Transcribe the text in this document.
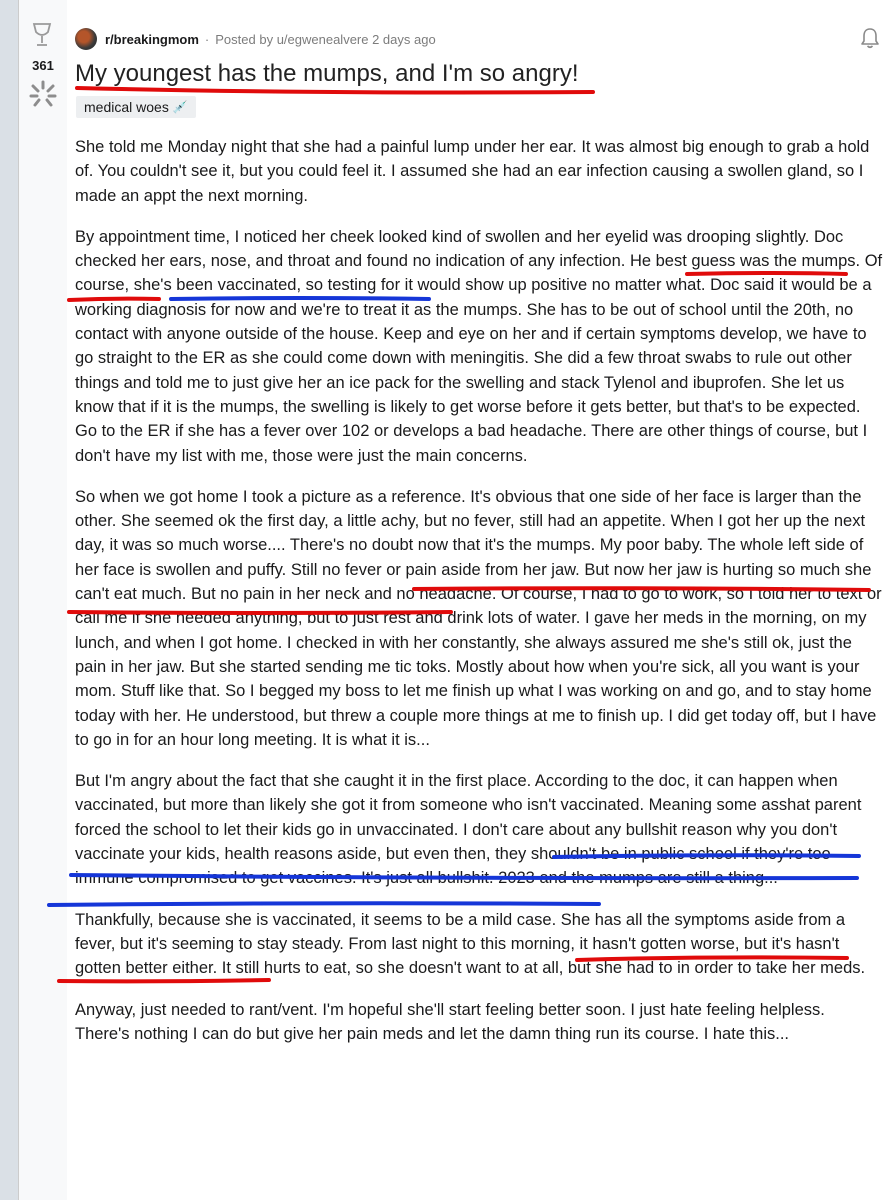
361
r/breakingmom · Posted by u/egwenealvere 2 days ago
My youngest has the mumps, and I'm so angry!
medical woes 💉

She told me Monday night that she had a painful lump under her ear. It was almost big enough to grab a hold of. You couldn't see it, but you could feel it. I assumed she had an ear infection causing a swollen gland, so I made an appt the next morning.

By appointment time, I noticed her cheek looked kind of swollen and her eyelid was drooping slightly. Doc checked her ears, nose, and throat and found no indication of any infection. He best guess was the mumps. Of course, she's been vaccinated, so testing for it would show up positive no matter what. Doc said it would be a working diagnosis for now and we're to treat it as the mumps. She has to be out of school until the 20th, no contact with anyone outside of the house. Keep and eye on her and if certain symptoms develop, we have to go straight to the ER as she could come down with meningitis. She did a few throat swabs to rule out other things and told me to just give her an ice pack for the swelling and stack Tylenol and ibuprofen. She let us know that if it is the mumps, the swelling is likely to get worse before it gets better, but that's to be expected. Go to the ER if she has a fever over 102 or develops a bad headache. There are other things of course, but I don't have my list with me, those were just the main concerns.

So when we got home I took a picture as a reference. It's obvious that one side of her face is larger than the other. She seemed ok the first day, a little achy, but no fever, still had an appetite. When I got her up the next day, it was so much worse.... There's no doubt now that it's the mumps. My poor baby. The whole left side of her face is swollen and puffy. Still no fever or pain aside from her jaw. But now her jaw is hurting so much she can't eat much. But no pain in her neck and no headache. Of course, I had to go to work, so I told her to text or call me if she needed anything, but to just rest and drink lots of water. I gave her meds in the morning, on my lunch, and when I got home. I checked in with her constantly, she always assured me she's still ok, just the pain in her jaw. But she started sending me tic toks. Mostly about how when you're sick, all you want is your mom. Stuff like that. So I begged my boss to let me finish up what I was working on and go, and to stay home today with her. He understood, but threw a couple more things at me to finish up. I did get today off, but I have to go in for an hour long meeting. It is what it is...

But I'm angry about the fact that she caught it in the first place. According to the doc, it can happen when vaccinated, but more than likely she got it from someone who isn't vaccinated. Meaning some asshat parent forced the school to let their kids go in unvaccinated. I don't care about any bullshit reason why you don't vaccinate your kids, health reasons aside, but even then, they shouldn't be in public school if they're too immune compromised to get vaccines. It's just all bullshit. 2023 and the mumps are still a thing...

Thankfully, because she is vaccinated, it seems to be a mild case. She has all the symptoms aside from a fever, but it's seeming to stay steady. From last night to this morning, it hasn't gotten worse, but it's hasn't gotten better either. It still hurts to eat, so she doesn't want to at all, but she had to in order to take her meds.

Anyway, just needed to rant/vent. I'm hopeful she'll start feeling better soon. I just hate feeling helpless. There's nothing I can do but give her pain meds and let the damn thing run its course. I hate this...
